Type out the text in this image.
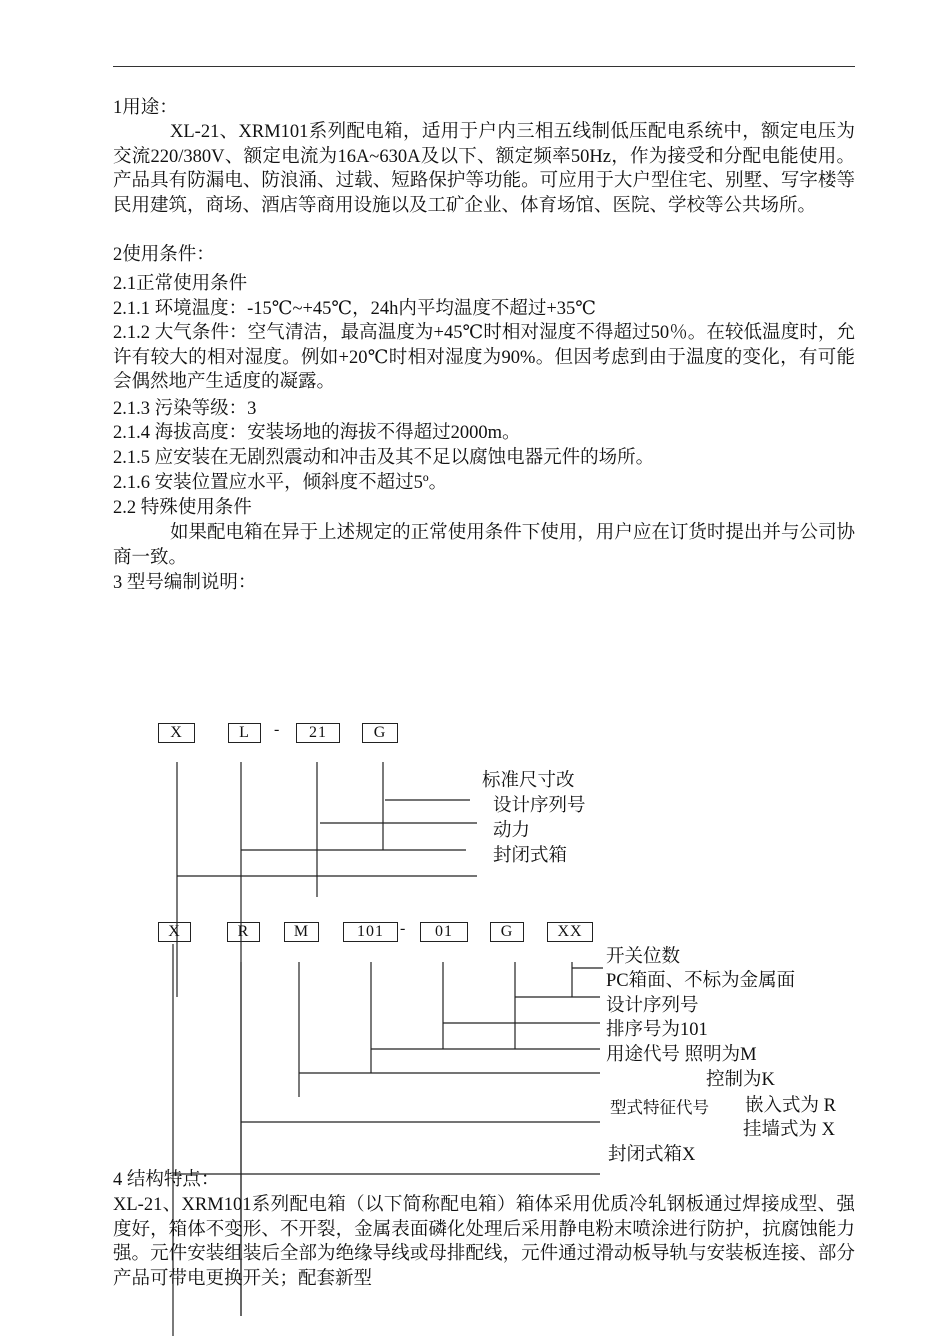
1用途：
XL-21、XRM101系列配电箱，适用于户内三相五线制低压配电系统中，额定电压为交流220/380V、额定电流为16A~630A及以下、额定频率50Hz，作为接受和分配电能使用。产品具有防漏电、防浪涌、过载、短路保护等功能。可应用于大户型住宅、别墅、写字楼等民用建筑，商场、酒店等商用设施以及工矿企业、体育场馆、医院、学校等公共场所。
2使用条件：
2.1正常使用条件
2.1.1 环境温度：-15℃~+45℃，24h内平均温度不超过+35℃
2.1.2 大气条件：空气清洁，最高温度为+45℃时相对湿度不得超过50％。在较低温度时，允许有较大的相对湿度。例如+20℃时相对湿度为90%。但因考虑到由于温度的变化，有可能会偶然地产生适度的凝露。
2.1.3 污染等级：3
2.1.4 海拔高度：安装场地的海拔不得超过2000m。
2.1.5 应安装在无剧烈震动和冲击及其不足以腐蚀电器元件的场所。
2.1.6 安装位置应水平，倾斜度不超过5º。
2.2 特殊使用条件
如果配电箱在异于上述规定的正常使用条件下使用，用户应在订货时提出并与公司协商一致。
3 型号编制说明：
X	L	-	21	G
标准尺寸改
设计序列号
动力
封闭式箱
X	R	M	101	-	01	G	XX
开关位数
PC箱面、不标为金属面
设计序列号
排序号为101
用途代号 照明为M
控制为K
型式特征代号 嵌入式为 R
挂墙式为 X
封闭式箱X
4 结构特点：
XL-21、XRM101系列配电箱（以下简称配电箱）箱体采用优质冷轧钢板通过焊接成型、强度好，箱体不变形、不开裂，金属表面磷化处理后采用静电粉末喷涂进行防护，抗腐蚀能力强。元件安装组装后全部为绝缘导线或母排配线，元件通过滑动板导轨与安装板连接、部分产品可带电更换开关；配套新型
